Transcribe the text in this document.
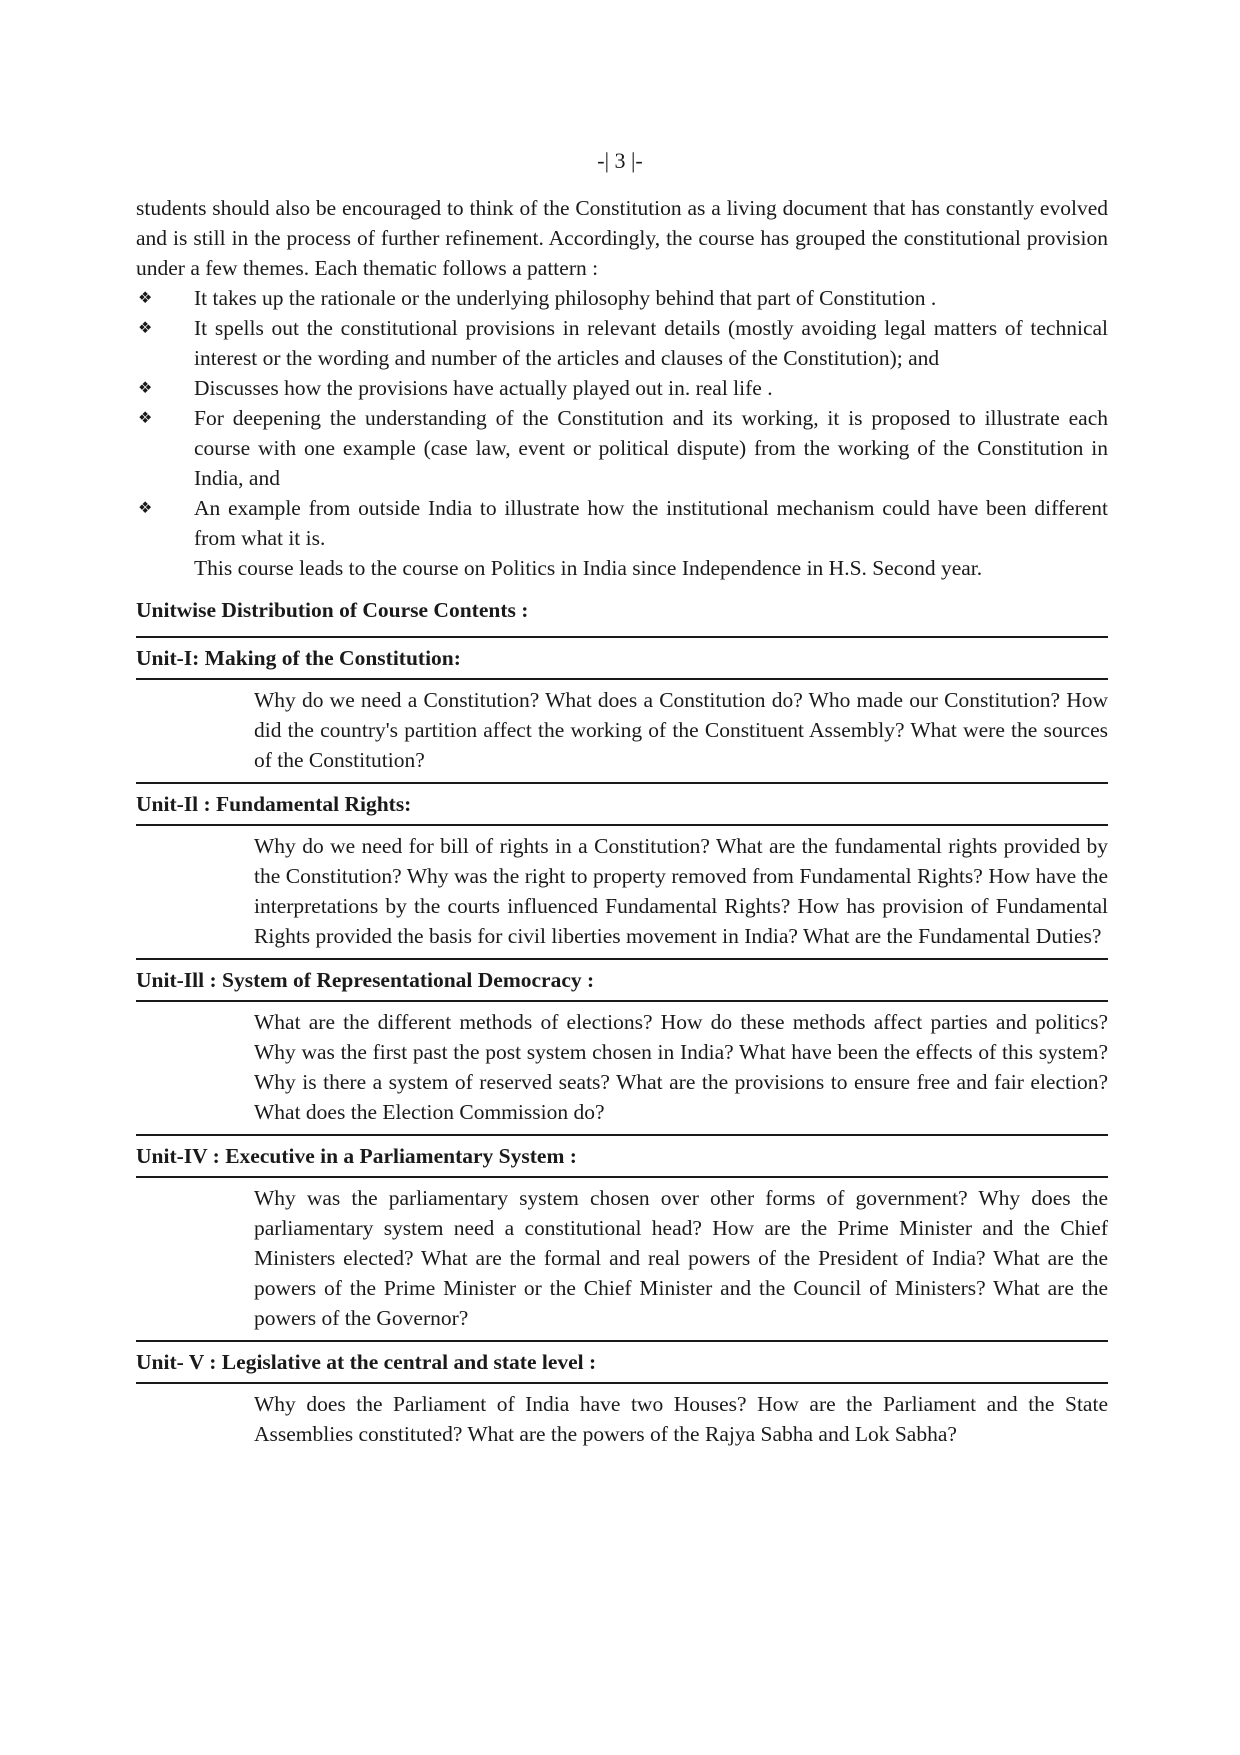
-| 3 |-

students should also be encouraged to think of the Constitution as a living document that has constantly evolved and is still in the process of further refinement. Accordingly, the course has grouped the constitutional provision under a few themes. Each thematic follows a pattern :

❖ It takes up the rationale or the underlying philosophy behind that part of Constitution .
❖ It spells out the constitutional provisions in relevant details (mostly avoiding legal matters of technical interest or the wording and number of the articles and clauses of the Constitution); and
❖ Discusses how the provisions have actually played out in. real life .
❖ For deepening the understanding of the Constitution and its working, it is proposed to illustrate each course with one example (case law, event or political dispute) from the working of the Constitution in India, and
❖ An example from outside India to illustrate how the institutional mechanism could have been different from what it is.

This course leads to the course on Politics in India since Independence in H.S. Second year.

Unitwise Distribution of Course Contents :

Unit-I: Making of the Constitution:
Why do we need a Constitution? What does a Constitution do? Who made our Constitution? How did the country's partition affect the working of the Constituent Assembly? What were the sources of the Constitution?
Unit-Il : Fundamental Rights:
Why do we need for bill of rights in a Constitution? What are the fundamental rights provided by the Constitution? Why was the right to property removed from Fundamental Rights? How have the interpretations by the courts influenced Fundamental Rights? How has provision of Fundamental Rights provided the basis for civil liberties movement in India? What are the Fundamental Duties?
Unit-Ill : System of Representational Democracy :
What are the different methods of elections? How do these methods affect parties and politics? Why was the first past the post system chosen in India? What have been the effects of this system? Why is there a system of reserved seats? What are the provisions to ensure free and fair election? What does the Election Commission do?
Unit-IV : Executive in a Parliamentary System :
Why was the parliamentary system chosen over other forms of government? Why does the parliamentary system need a constitutional head? How are the Prime Minister and the Chief Ministers elected? What are the formal and real powers of the President of India? What are the powers of the Prime Minister or the Chief Minister and the Council of Ministers? What are the powers of the Governor?
Unit- V : Legislative at the central and state level :
Why does the Parliament of India have two Houses? How are the Parliament and the State Assemblies constituted? What are the powers of the Rajya Sabha and Lok Sabha?
